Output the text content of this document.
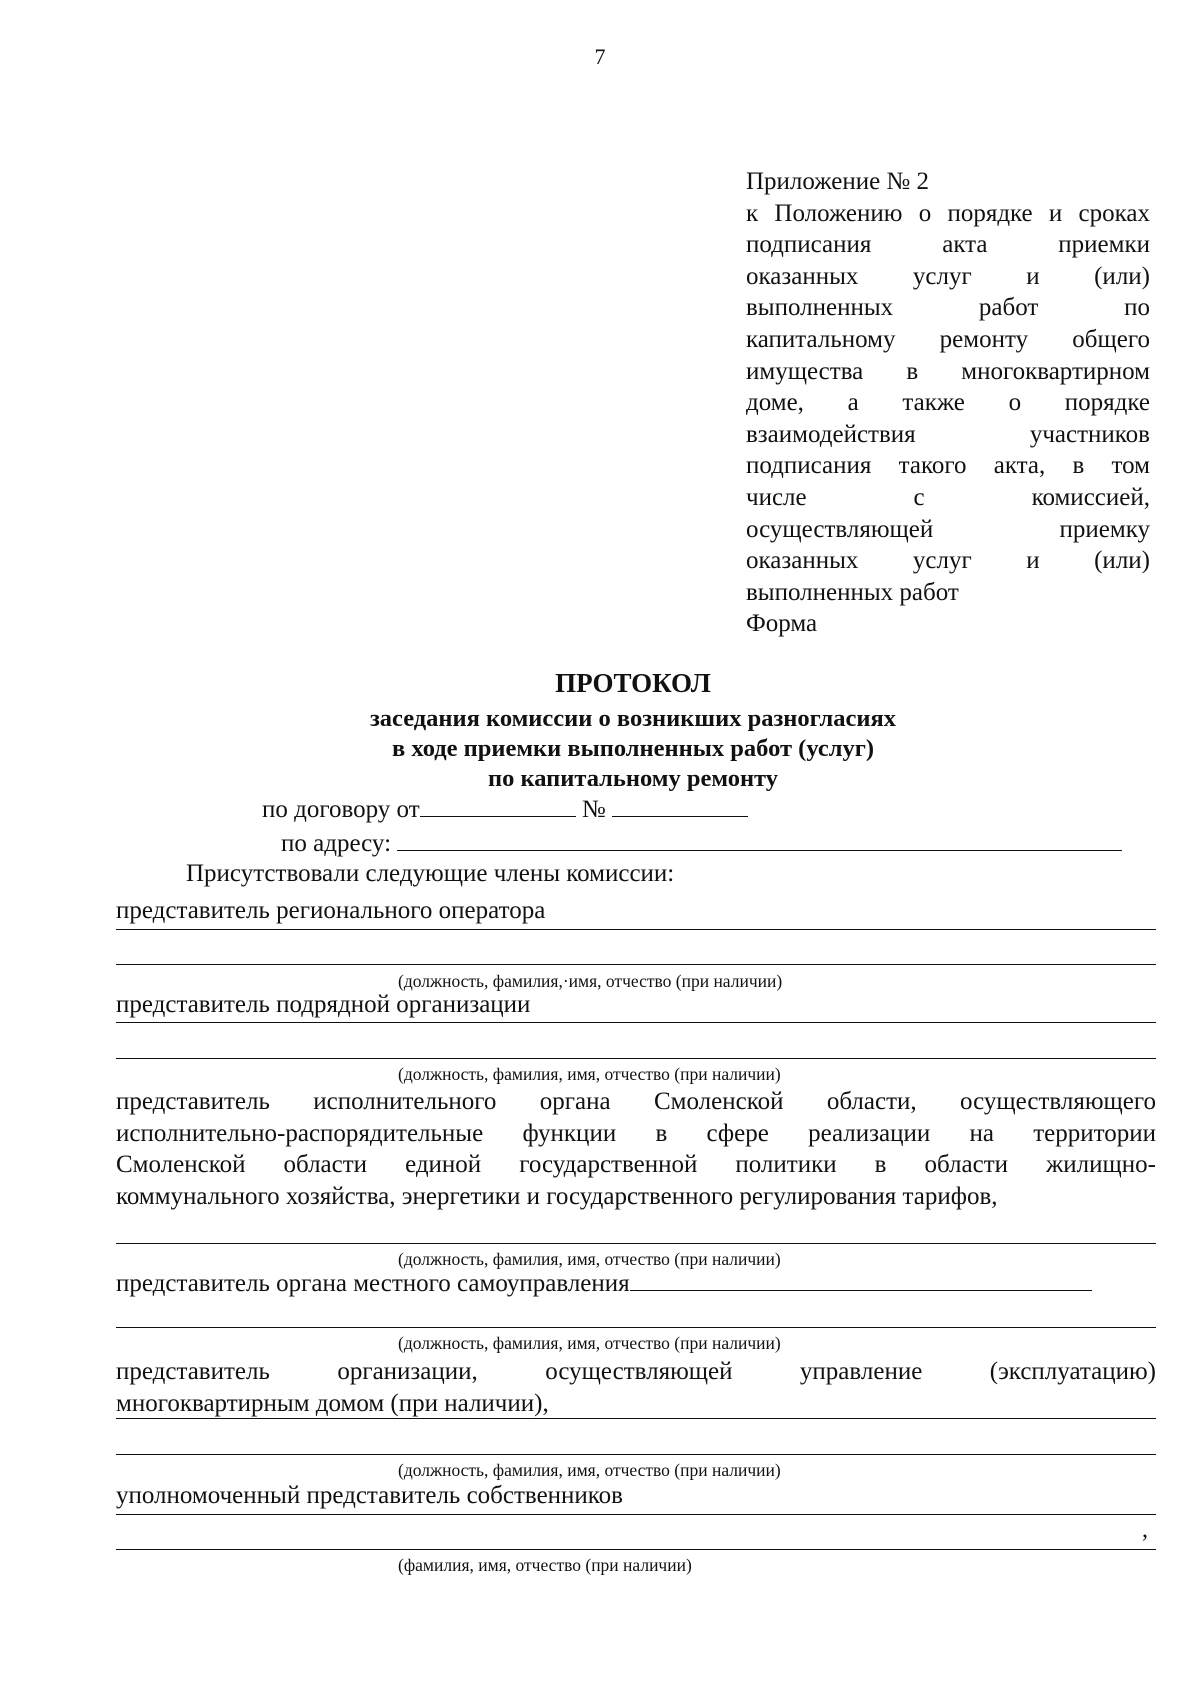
7
Приложение № 2
к Положению о порядке и сроках
подписания акта приемки
оказанных услуг и (или)
выполненных работ по
капитальному ремонту общего
имущества в многоквартирном
доме, а также о порядке
взаимодействия участников
подписания такого акта, в том
числе с комиссией,
осуществляющей приемку
оказанных услуг и (или)
выполненных работ
Форма
ПРОТОКОЛ
заседания комиссии о возникших разногласиях
в ходе приемки выполненных работ (услуг)
по капитальному ремонту
по договору от	№
по адресу:
Присутствовали следующие члены комиссии:
представитель регионального оператора
(должность, фамилия,·имя, отчество (при наличии)
представитель подрядной организации
(должность, фамилия, имя, отчество (при наличии)
представитель исполнительного органа Смоленской области, осуществляющего
исполнительно-распорядительные функции в сфере реализации на территории
Смоленской области единой государственной политики в области жилищно-
коммунального хозяйства, энергетики и государственного регулирования тарифов,
(должность, фамилия, имя, отчество (при наличии)
представитель органа местного самоуправления
(должность, фамилия, имя, отчество (при наличии)
представитель организации, осуществляющей управление (эксплуатацию)
многоквартирным домом (при наличии),
(должность, фамилия, имя, отчество (при наличии)
уполномоченный представитель собственников
,
(фамилия, имя, отчество (при наличии)
